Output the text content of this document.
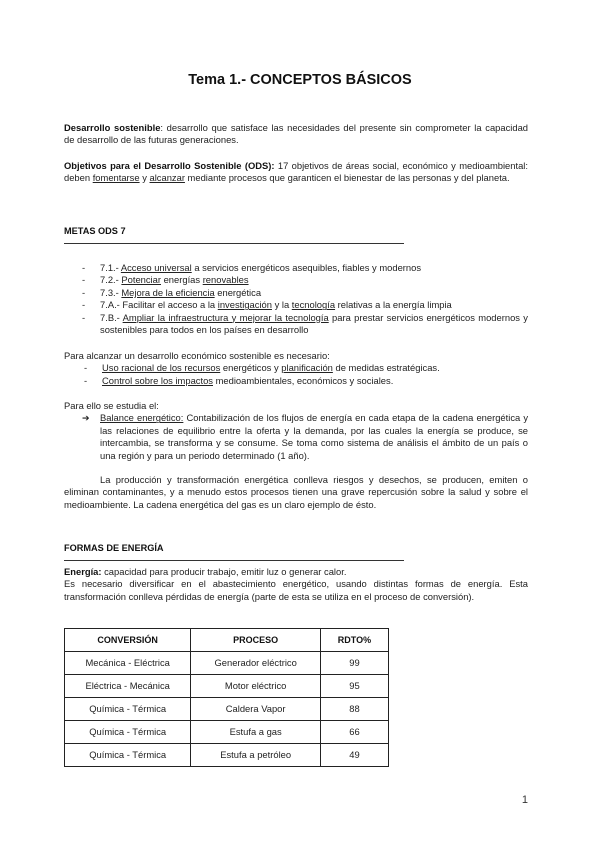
Tema 1.- CONCEPTOS BÁSICOS
Desarrollo sostenible: desarrollo que satisface las necesidades del presente sin comprometer la capacidad de desarrollo de las futuras generaciones.
Objetivos para el Desarrollo Sostenible (ODS): 17 objetivos de áreas social, económico y medioambiental: deben fomentarse y alcanzar mediante procesos que garanticen el bienestar de las personas y del planeta.
METAS ODS 7
- 7.1.- Acceso universal a servicios energéticos asequibles, fiables y modernos
- 7.2.- Potenciar energías renovables
- 7.3.- Mejora de la eficiencia energética
- 7.A.- Facilitar el acceso a la investigación y la tecnología relativas a la energía limpia
- 7.B.- Ampliar la infraestructura y mejorar la tecnología para prestar servicios energéticos modernos y sostenibles para todos en los países en desarrollo
Para alcanzar un desarrollo económico sostenible es necesario:
- Uso racional de los recursos energéticos y planificación de medidas estratégicas.
- Control sobre los impactos medioambientales, económicos y sociales.
Para ello se estudia el:
➔ Balance energético: Contabilización de los flujos de energía en cada etapa de la cadena energética y las relaciones de equilibrio entre la oferta y la demanda, por las cuales la energía se produce, se intercambia, se transforma y se consume. Se toma como sistema de análisis el ámbito de un país o una región y para un periodo determinado (1 año).
La producción y transformación energética conlleva riesgos y desechos, se producen, emiten o eliminan contaminantes, y a menudo estos procesos tienen una grave repercusión sobre la salud y sobre el medioambiente. La cadena energética del gas es un claro ejemplo de ésto.
FORMAS DE ENERGÍA
Energía: capacidad para producir trabajo, emitir luz o generar calor.
Es necesario diversificar en el abastecimiento energético, usando distintas formas de energía. Esta transformación conlleva pérdidas de energía (parte de esta se utiliza en el proceso de conversión).
CONVERSIÓN	PROCESO	RDTO%
Mecánica - Eléctrica	Generador eléctrico	99
Eléctrica - Mecánica	Motor eléctrico	95
Química - Térmica	Caldera Vapor	88
Química - Térmica	Estufa a gas	66
Química - Térmica	Estufa a petróleo	49
1
